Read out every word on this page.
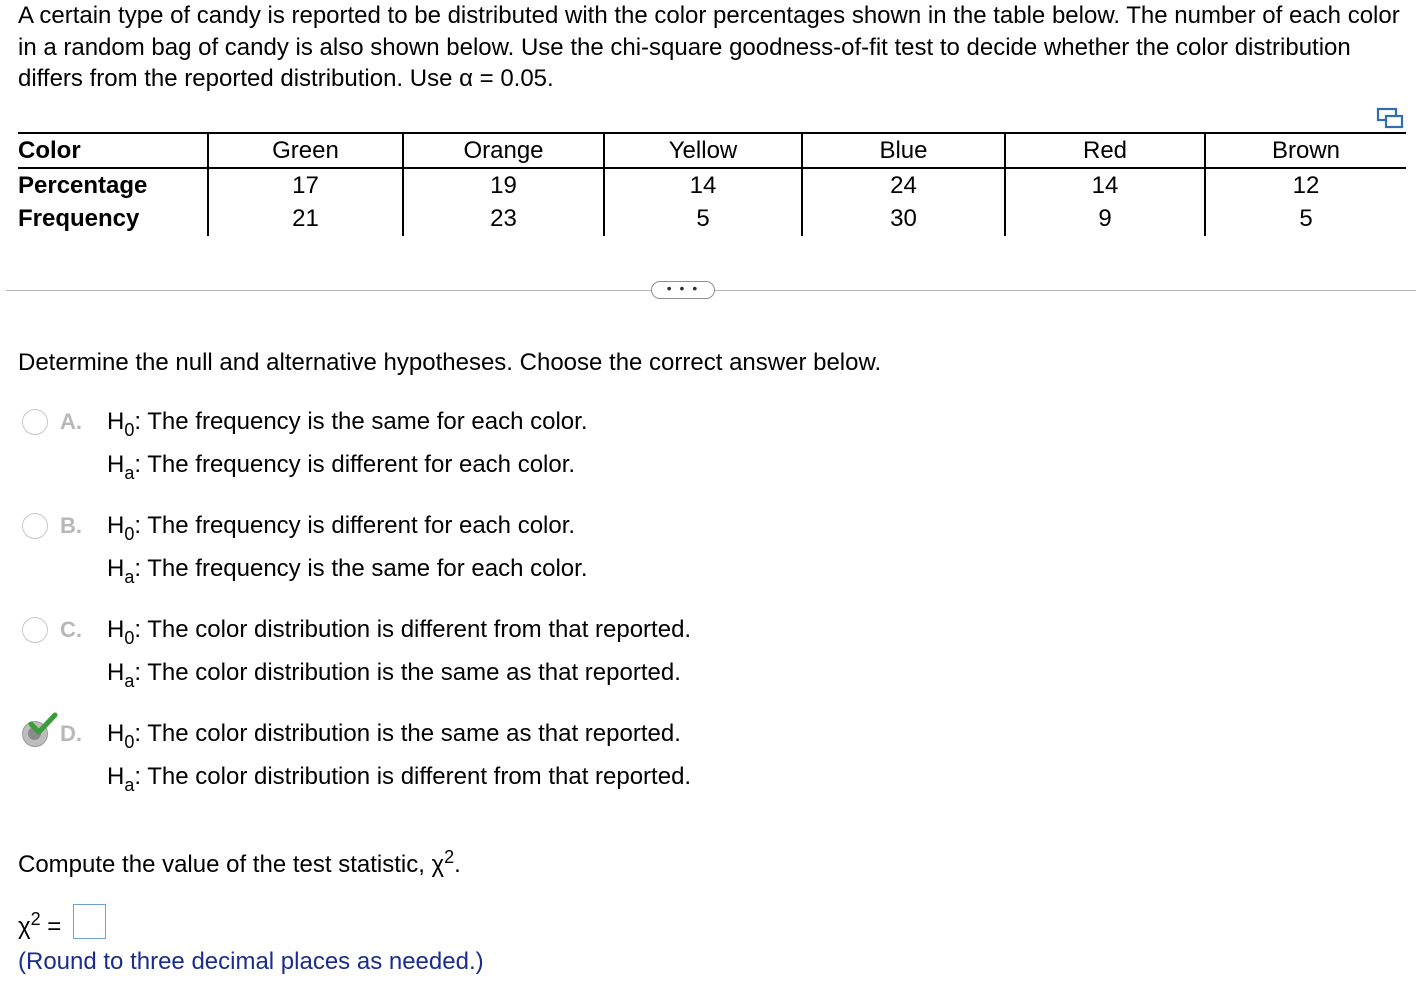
A certain type of candy is reported to be distributed with the color percentages shown in the table below. The number of each color in a random bag of candy is also shown below. Use the chi-square goodness-of-fit test to decide whether the color distribution differs from the reported distribution. Use α = 0.05.
Color	Green	Orange	Yellow	Blue	Red	Brown
Percentage	17	19	14	24	14	12
Frequency	21	23	5	30	9	5
• • •
Determine the null and alternative hypotheses. Choose the correct answer below.
A. $H_0$: The frequency is the same for each color.
$H_a$: The frequency is different for each color.
B. $H_0$: The frequency is different for each color.
$H_a$: The frequency is the same for each color.
C. $H_0$: The color distribution is different from that reported.
$H_a$: The color distribution is the same as that reported.
D. $H_0$: The color distribution is the same as that reported.
$H_a$: The color distribution is different from that reported.
Compute the value of the test statistic, $\chi^2$.
$\chi^2$ =
(Round to three decimal places as needed.)
